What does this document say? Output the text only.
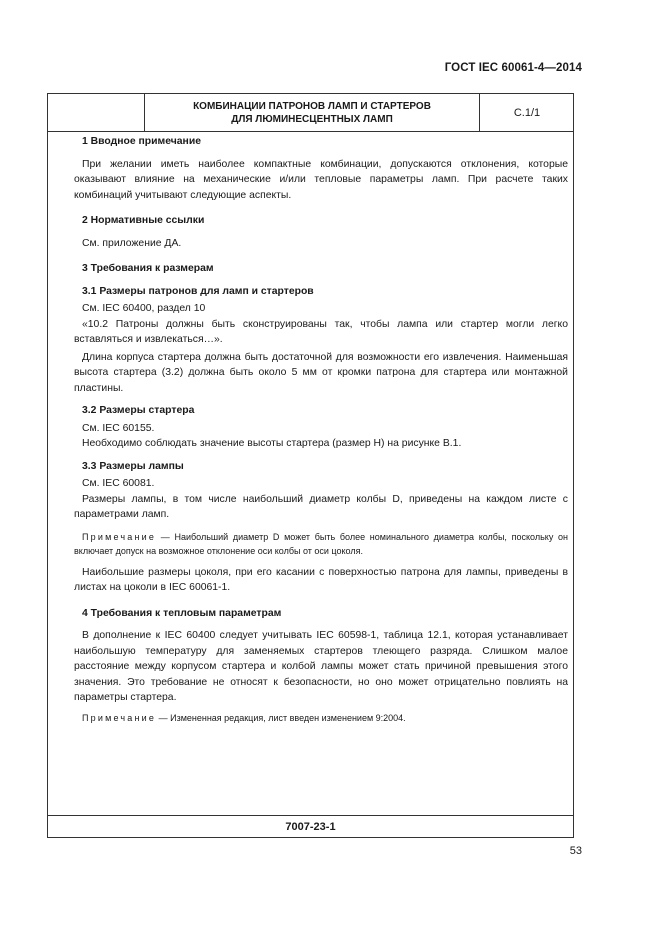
ГОСТ IEC 60061-4—2014
КОМБИНАЦИИ ПАТРОНОВ ЛАМП И СТАРТЕРОВ
ДЛЯ ЛЮМИНЕСЦЕНТНЫХ ЛАМП
С.1/1
7007-23-1

1 Вводное примечание

При желании иметь наиболее компактные комбинации, допускаются отклонения, которые оказывают влияние на механические и/или тепловые параметры ламп. При расчете таких комбинаций учитывают следующие аспекты.

2 Нормативные ссылки

См. приложение ДА.

3 Требования к размерам

3.1 Размеры патронов для ламп и стартеров

См. IEC 60400, раздел 10

«10.2 Патроны должны быть сконструированы так, чтобы лампа или стартер могли легко вставляться и извлекаться…».

Длина корпуса стартера должна быть достаточной для возможности его извлечения. Наименьшая высота стартера (3.2) должна быть около 5 мм от кромки патрона для стартера или монтажной пластины.

3.2 Размеры стартера

См. IEC 60155.

Необходимо соблюдать значение высоты стартера (размер H) на рисунке В.1.

3.3 Размеры лампы

См. IEC 60081.

Размеры лампы, в том числе наибольший диаметр колбы D, приведены на каждом листе с параметрами ламп.

Примечание — Наибольший диаметр D может быть более номинального диаметра колбы, поскольку он включает допуск на возможное отклонение оси колбы от оси цоколя.

Наибольшие размеры цоколя, при его касании с поверхностью патрона для лампы, приведены в листах на цоколи в IEC 60061-1.

4 Требования к тепловым параметрам

В дополнение к IEC 60400 следует учитывать IEC 60598-1, таблица 12.1, которая устанавливает наибольшую температуру для заменяемых стартеров тлеющего разряда. Слишком малое расстояние между корпусом стартера и колбой лампы может стать причиной превышения этого значения. Это требование не относят к безопасности, но оно может отрицательно повлиять на параметры стартера.

Примечание — Измененная редакция, лист введен изменением 9:2004.
53
